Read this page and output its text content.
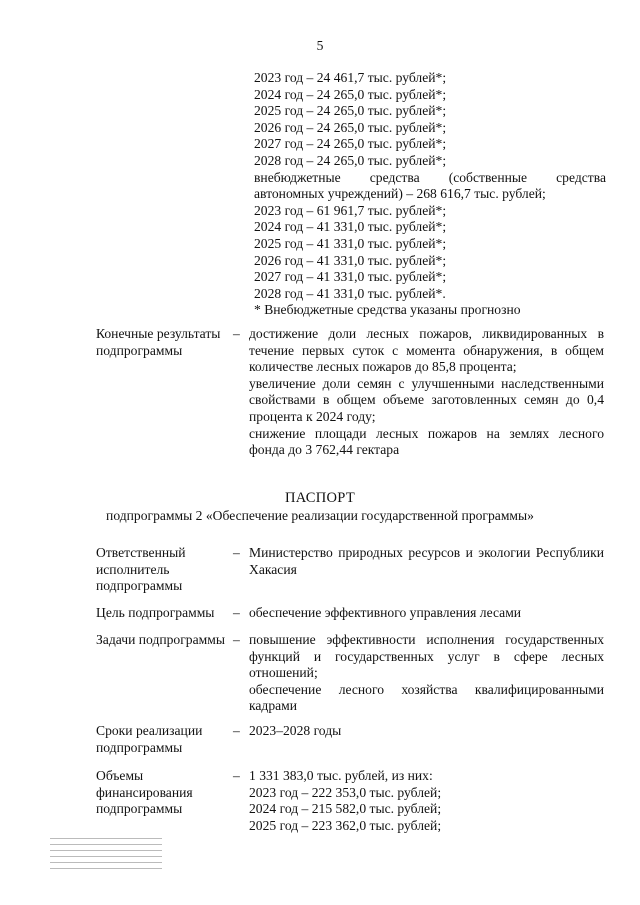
5
2023 год – 24 461,7 тыс. рублей*;
2024 год – 24 265,0 тыс. рублей*;
2025 год – 24 265,0 тыс. рублей*;
2026 год – 24 265,0 тыс. рублей*;
2027 год – 24 265,0 тыс. рублей*;
2028 год – 24 265,0 тыс. рублей*;
внебюджетные средства (собственные средства
автономных учреждений) – 268 616,7 тыс. рублей;
2023 год – 61 961,7 тыс. рублей*;
2024 год – 41 331,0 тыс. рублей*;
2025 год – 41 331,0 тыс. рублей*;
2026 год – 41 331,0 тыс. рублей*;
2027 год – 41 331,0 тыс. рублей*;
2028 год – 41 331,0 тыс. рублей*.
* Внебюджетные средства указаны прогнозно
Конечные результаты подпрограммы
– достижение доли лесных пожаров, ликвидированных в течение первых суток с момента обнаружения, в общем количестве лесных пожаров до 85,8 процента;

увеличение доли семян с улучшенными наследственными свойствами в общем объеме заготовленных семян до 0,4 процента к 2024 году;

снижение площади лесных пожаров на землях лесного фонда до 3 762,44 гектара

ПАСПОРТ
подпрограммы 2 «Обеспечение реализации государственной программы»
Ответственный исполнитель подпрограммы
– Министерство природных ресурсов и экологии Республики Хакасия

Цель подпрограммы	– обеспечение эффективного управления лесами

Задачи подпрограммы – повышение эффективности исполнения государственных функций и государственных услуг в сфере лесных отношений;

обеспечение лесного хозяйства квалифицированными кадрами

Сроки реализации подпрограммы
– 2023–2028 годы

Объемы финансирования подпрограммы
– 1 331 383,0 тыс. рублей, из них:

2023 год – 222 353,0 тыс. рублей;

2024 год – 215 582,0 тыс. рублей;

2025 год – 223 362,0 тыс. рублей;
